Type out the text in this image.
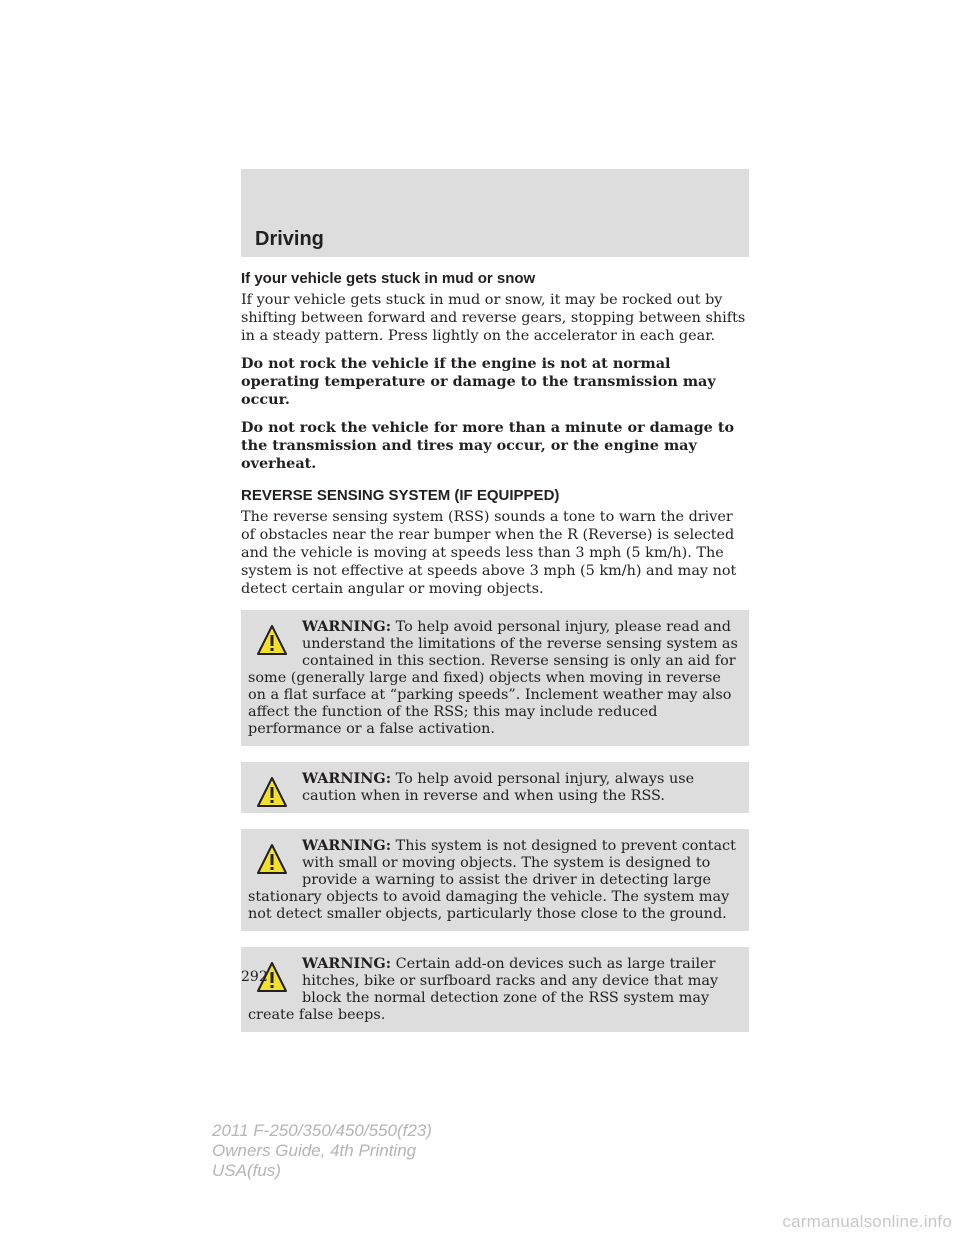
Driving
If your vehicle gets stuck in mud or snow

If your vehicle gets stuck in mud or snow, it may be rocked out by shifting between forward and reverse gears, stopping between shifts in a steady pattern. Press lightly on the accelerator in each gear.

Do not rock the vehicle if the engine is not at normal operating temperature or damage to the transmission may occur.

Do not rock the vehicle for more than a minute or damage to the transmission and tires may occur, or the engine may overheat.

REVERSE SENSING SYSTEM (IF EQUIPPED)

The reverse sensing system (RSS) sounds a tone to warn the driver of obstacles near the rear bumper when the R (Reverse) is selected and the vehicle is moving at speeds less than 3 mph (5 km/h). The system is not effective at speeds above 3 mph (5 km/h) and may not detect certain angular or moving objects.

WARNING: To help avoid personal injury, please read and understand the limitations of the reverse sensing system as contained in this section. Reverse sensing is only an aid for some (generally large and fixed) objects when moving in reverse on a flat surface at “parking speeds”. Inclement weather may also affect the function of the RSS; this may include reduced performance or a false activation.
WARNING: To help avoid personal injury, always use caution when in reverse and when using the RSS.
WARNING: This system is not designed to prevent contact with small or moving objects. The system is designed to provide a warning to assist the driver in detecting large stationary objects to avoid damaging the vehicle. The system may not detect smaller objects, particularly those close to the ground.
WARNING: Certain add-on devices such as large trailer hitches, bike or surfboard racks and any device that may block the normal detection zone of the RSS system may create false beeps.
292
2011 F-250/350/450/550(f23)
Owners Guide, 4th Printing
USA(fus)
carmanualsonline.info
